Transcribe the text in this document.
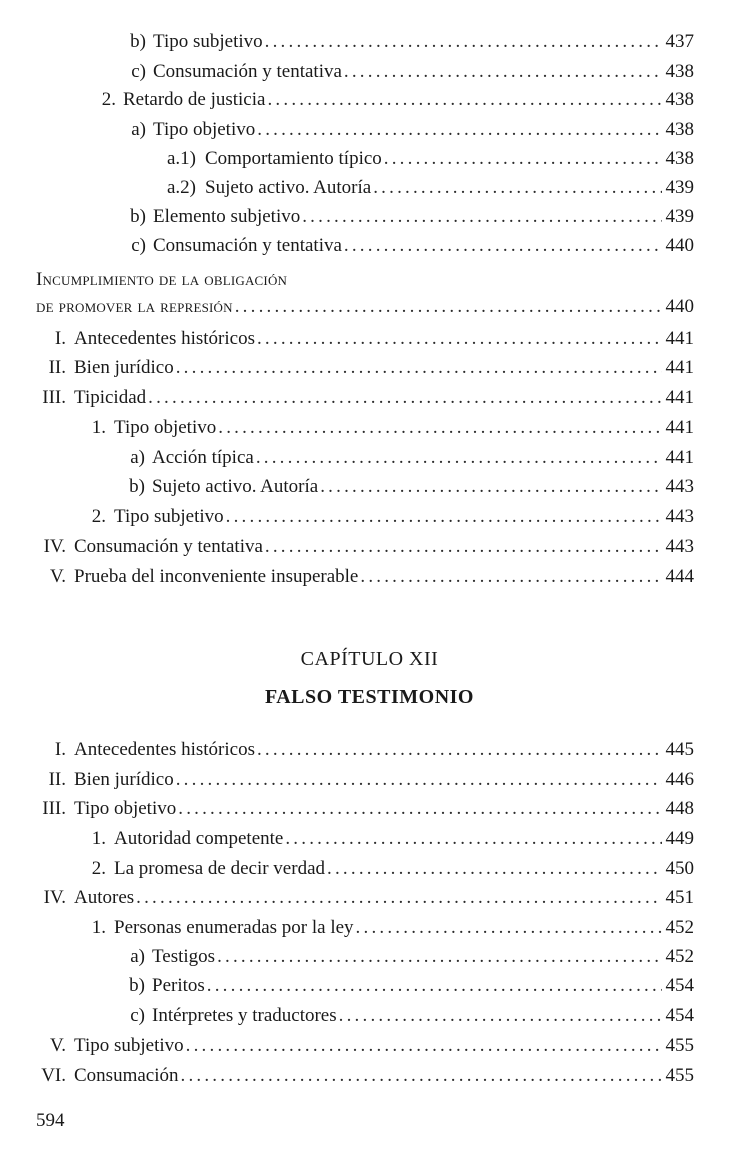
b) Tipo subjetivo .....	437
c) Consumación y tentativa .....	438
2. Retardo de justicia .....	438
a) Tipo objetivo .....	438
a.1) Comportamiento típico .....	438
a.2) Sujeto activo. Autoría .....	439
b) Elemento subjetivo .....	439
c) Consumación y tentativa .....	440
Incumplimiento de la obligación
de promover la represión .....	440
I. Antecedentes históricos .....	441
II. Bien jurídico .....	441
III. Tipicidad .....	441
1. Tipo objetivo .....	441
a) Acción típica .....	441
b) Sujeto activo. Autoría .....	443
2. Tipo subjetivo .....	443
IV. Consumación y tentativa .....	443
V. Prueba del inconveniente insuperable .....	444
CAPÍTULO XII
FALSO TESTIMONIO
I. Antecedentes históricos .....	445
II. Bien jurídico .....	446
III. Tipo objetivo .....	448
1. Autoridad competente .....	449
2. La promesa de decir verdad .....	450
IV. Autores .....	451
1. Personas enumeradas por la ley .....	452
a) Testigos .....	452
b) Peritos .....	454
c) Intérpretes y traductores .....	454
V. Tipo subjetivo .....	455
VI. Consumación .....	455
594
